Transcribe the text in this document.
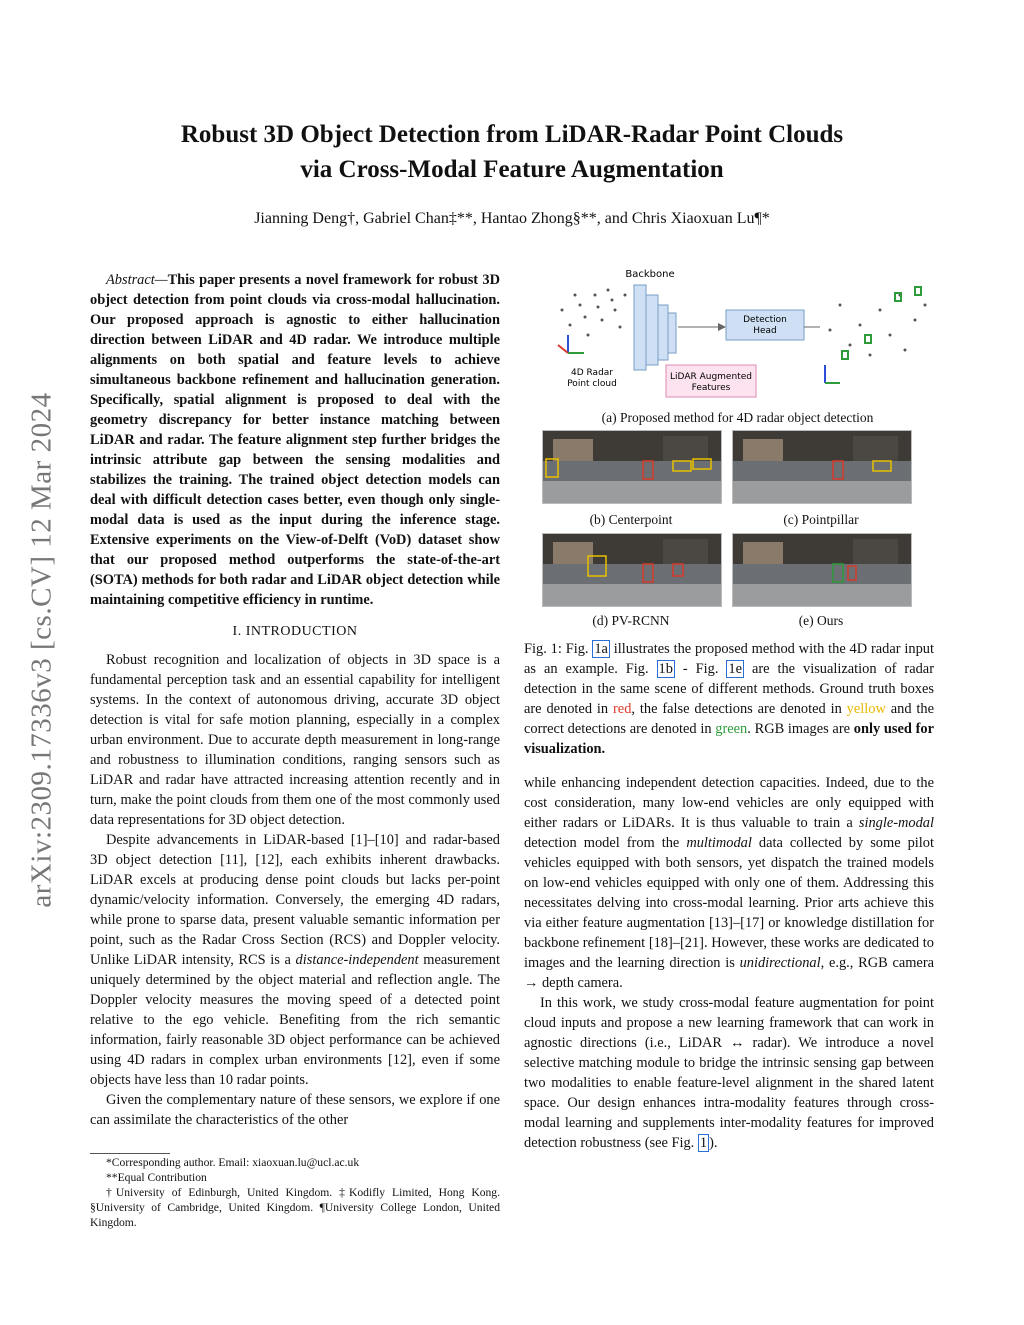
arXiv:2309.17336v3 [cs.CV] 12 Mar 2024
Robust 3D Object Detection from LiDAR-Radar Point Clouds
via Cross-Modal Feature Augmentation
Jianning Deng†, Gabriel Chan‡**, Hantao Zhong§**, and Chris Xiaoxuan Lu¶*

Abstract—This paper presents a novel framework for robust 3D object detection from point clouds via cross-modal hallucination. Our proposed approach is agnostic to either hallucination direction between LiDAR and 4D radar. We introduce multiple alignments on both spatial and feature levels to achieve simultaneous backbone refinement and hallucination generation. Specifically, spatial alignment is proposed to deal with the geometry discrepancy for better instance matching between LiDAR and radar. The feature alignment step further bridges the intrinsic attribute gap between the sensing modalities and stabilizes the training. The trained object detection models can deal with difficult detection cases better, even though only single-modal data is used as the input during the inference stage. Extensive experiments on the View-of-Delft (VoD) dataset show that our proposed method outperforms the state-of-the-art (SOTA) methods for both radar and LiDAR object detection while maintaining competitive efficiency in runtime.

I. INTRODUCTION

Robust recognition and localization of objects in 3D space is a fundamental perception task and an essential capability for intelligent systems. In the context of autonomous driving, accurate 3D object detection is vital for safe motion planning, especially in a complex urban environment. Due to accurate depth measurement in long-range and robustness to illumination conditions, ranging sensors such as LiDAR and radar have attracted increasing attention recently and in turn, make the point clouds from them one of the most commonly used data representations for 3D object detection.

Despite advancements in LiDAR-based [1]–[10] and radar-based 3D object detection [11], [12], each exhibits inherent drawbacks. LiDAR excels at producing dense point clouds but lacks per-point dynamic/velocity information. Conversely, the emerging 4D radars, while prone to sparse data, present valuable semantic information per point, such as the Radar Cross Section (RCS) and Doppler velocity. Unlike LiDAR intensity, RCS is a distance-independent measurement uniquely determined by the object material and reflection angle. The Doppler velocity measures the moving speed of a detected point relative to the ego vehicle. Benefiting from the rich semantic information, fairly reasonable 3D object performance can be achieved using 4D radars in complex urban environments [12], even if some objects have less than 10 radar points.

Given the complementary nature of these sensors, we explore if one can assimilate the characteristics of the other

*Corresponding author. Email: xiaoxuan.lu@ucl.ac.uk

**Equal Contribution

†University of Edinburgh, United Kingdom. ‡Kodifly Limited, Hong Kong. §University of Cambridge, United Kingdom. ¶University College London, United Kingdom.

4D Radar Point cloud
Backbone
Detection Head
LiDAR Augmented Features
(a) Proposed method for 4D radar object detection
(b) Centerpoint	(c) Pointpillar
(d) PV-RCNN	(e) Ours

Fig. 1: Fig. 1a illustrates the proposed method with the 4D radar input as an example. Fig. 1b - Fig. 1e are the visualization of radar detection in the same scene of different methods. Ground truth boxes are denoted in red, the false detections are denoted in yellow and the correct detections are denoted in green. RGB images are only used for visualization.

while enhancing independent detection capacities. Indeed, due to the cost consideration, many low-end vehicles are only equipped with either radars or LiDARs. It is thus valuable to train a single-modal detection model from the multimodal data collected by some pilot vehicles equipped with both sensors, yet dispatch the trained models on low-end vehicles equipped with only one of them. Addressing this necessitates delving into cross-modal learning. Prior arts achieve this via either feature augmentation [13]–[17] or knowledge distillation for backbone refinement [18]–[21]. However, these works are dedicated to images and the learning direction is unidirectional, e.g., RGB camera → depth camera.

In this work, we study cross-modal feature augmentation for point cloud inputs and propose a new learning framework that can work in agnostic directions (i.e., LiDAR ↔ radar). We introduce a novel selective matching module to bridge the intrinsic sensing gap between two modalities to enable feature-level alignment in the shared latent space. Our design enhances intra-modality features through cross-modal learning and supplements inter-modality features for improved detection robustness (see Fig. 1 ).
